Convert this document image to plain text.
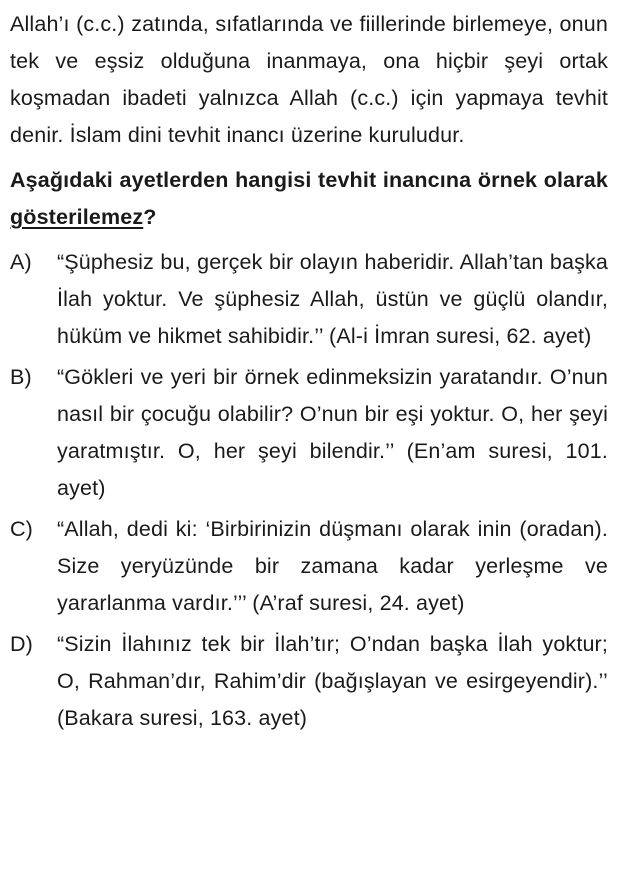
Allah’ı (c.c.) zatında, sıfatlarında ve fiillerinde birlemeye, onun tek ve eşsiz olduğuna inanmaya, ona hiçbir şeyi ortak koşmadan ibadeti yalnızca Allah (c.c.) için yapmaya tevhit denir. İslam dini tevhit inancı üzerine kuruludur.

Aşağıdaki ayetlerden hangisi tevhit inancına örnek olarak gösterilemez?

A)	“Şüphesiz bu, gerçek bir olayın haberidir. Allah’tan başka İlah yoktur. Ve şüphesiz Allah, üstün ve güçlü olandır, hüküm ve hikmet sahibidir.’’ (Al-i İmran suresi, 62. ayet)
B)	“Gökleri ve yeri bir örnek edinmeksizin yaratandır. O’nun nasıl bir çocuğu olabilir? O’nun bir eşi yoktur. O, her şeyi yaratmıştır. O, her şeyi bilendir.’’ (En’am suresi, 101. ayet)
C)	“Allah, dedi ki: ‘Birbirinizin düşmanı olarak inin (oradan). Size yeryüzünde bir zamana kadar yerleşme ve yararlanma vardır.’’’ (A’raf suresi, 24. ayet)
D)	“Sizin İlahınız tek bir İlah’tır; O’ndan başka İlah yoktur; O, Rahman’dır, Rahim’dir (bağışlayan ve esirgeyendir).’’ (Bakara suresi, 163. ayet)
